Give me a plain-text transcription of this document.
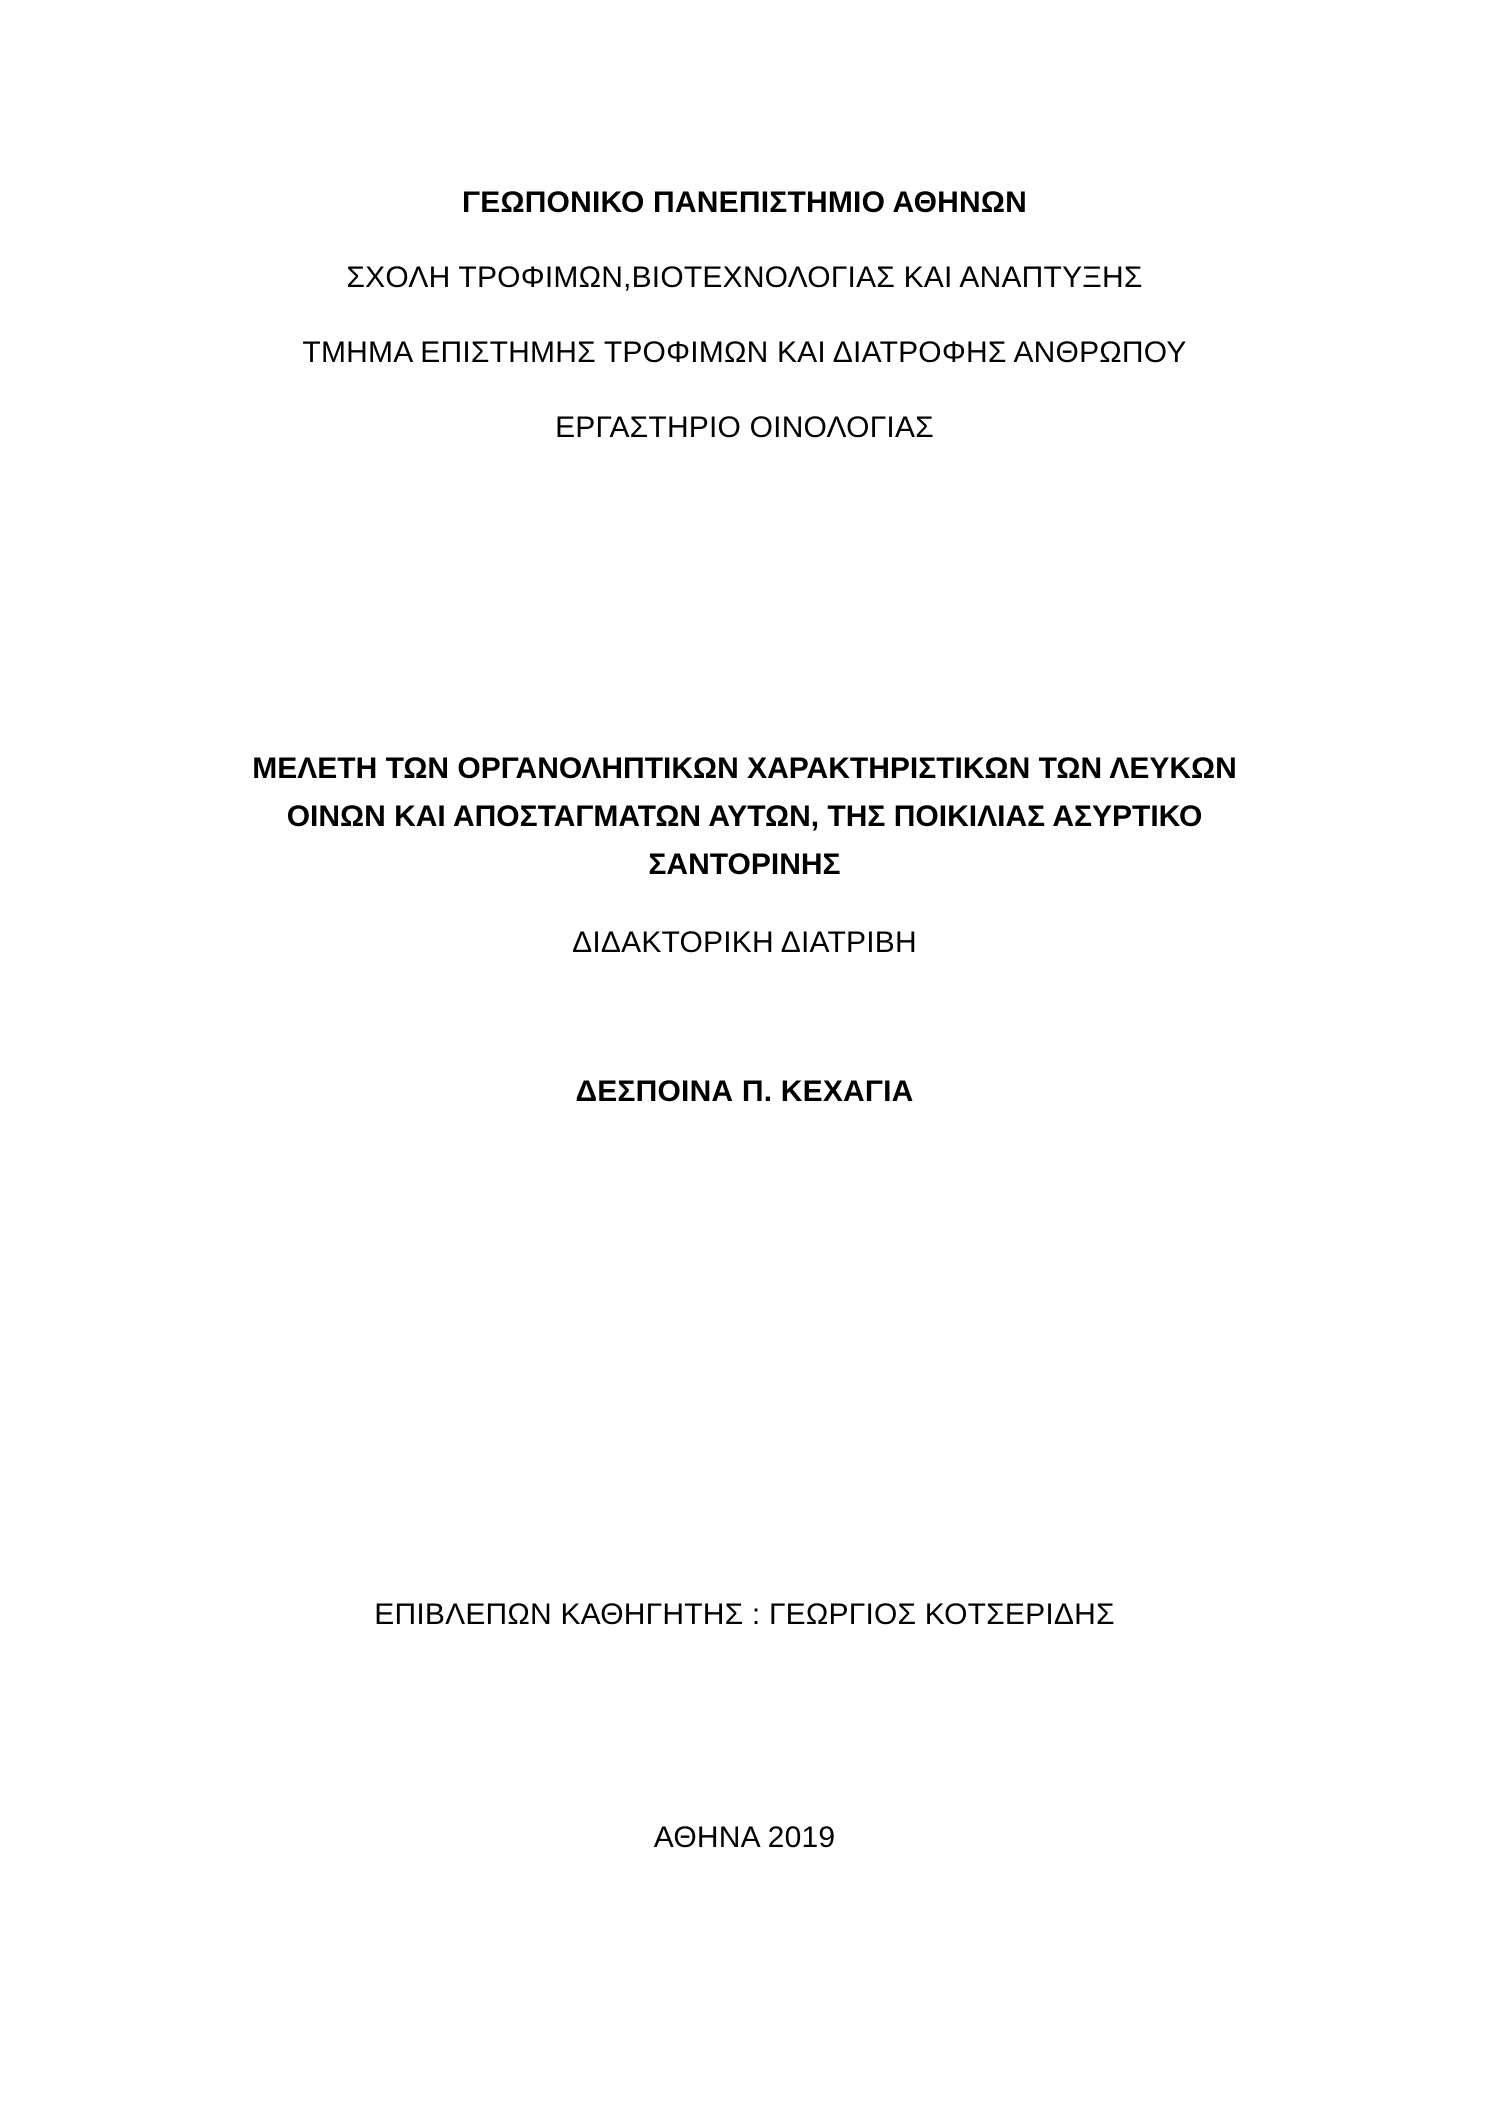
ΓΕΩΠΟΝΙΚΟ ΠΑΝΕΠΙΣΤΗΜΙΟ ΑΘΗΝΩΝ
ΣΧΟΛΗ ΤΡΟΦΙΜΩΝ,ΒΙΟΤΕΧΝΟΛΟΓΙΑΣ ΚΑΙ ΑΝΑΠΤΥΞΗΣ
ΤΜΗΜΑ ΕΠΙΣΤΗΜΗΣ ΤΡΟΦΙΜΩΝ ΚΑΙ ΔΙΑΤΡΟΦΗΣ ΑΝΘΡΩΠΟΥ
ΕΡΓΑΣΤΗΡΙΟ ΟΙΝΟΛΟΓΙΑΣ
ΜΕΛΕΤΗ ΤΩΝ ΟΡΓΑΝΟΛΗΠΤΙΚΩΝ ΧΑΡΑΚΤΗΡΙΣΤΙΚΩΝ ΤΩΝ ΛΕΥΚΩΝ
ΟΙΝΩΝ ΚΑΙ ΑΠΟΣΤΑΓΜΑΤΩΝ ΑΥΤΩΝ, ΤΗΣ ΠΟΙΚΙΛΙΑΣ ΑΣΥΡΤΙΚΟ
ΣΑΝΤΟΡΙΝΗΣ
ΔΙΔΑΚΤΟΡΙΚΗ ΔΙΑΤΡΙΒΗ
ΔΕΣΠΟΙΝΑ Π. ΚΕΧΑΓΙΑ
ΕΠΙΒΛΕΠΩΝ ΚΑΘΗΓΗΤΗΣ : ΓΕΩΡΓΙΟΣ ΚΟΤΣΕΡΙΔΗΣ
ΑΘΗΝΑ 2019
